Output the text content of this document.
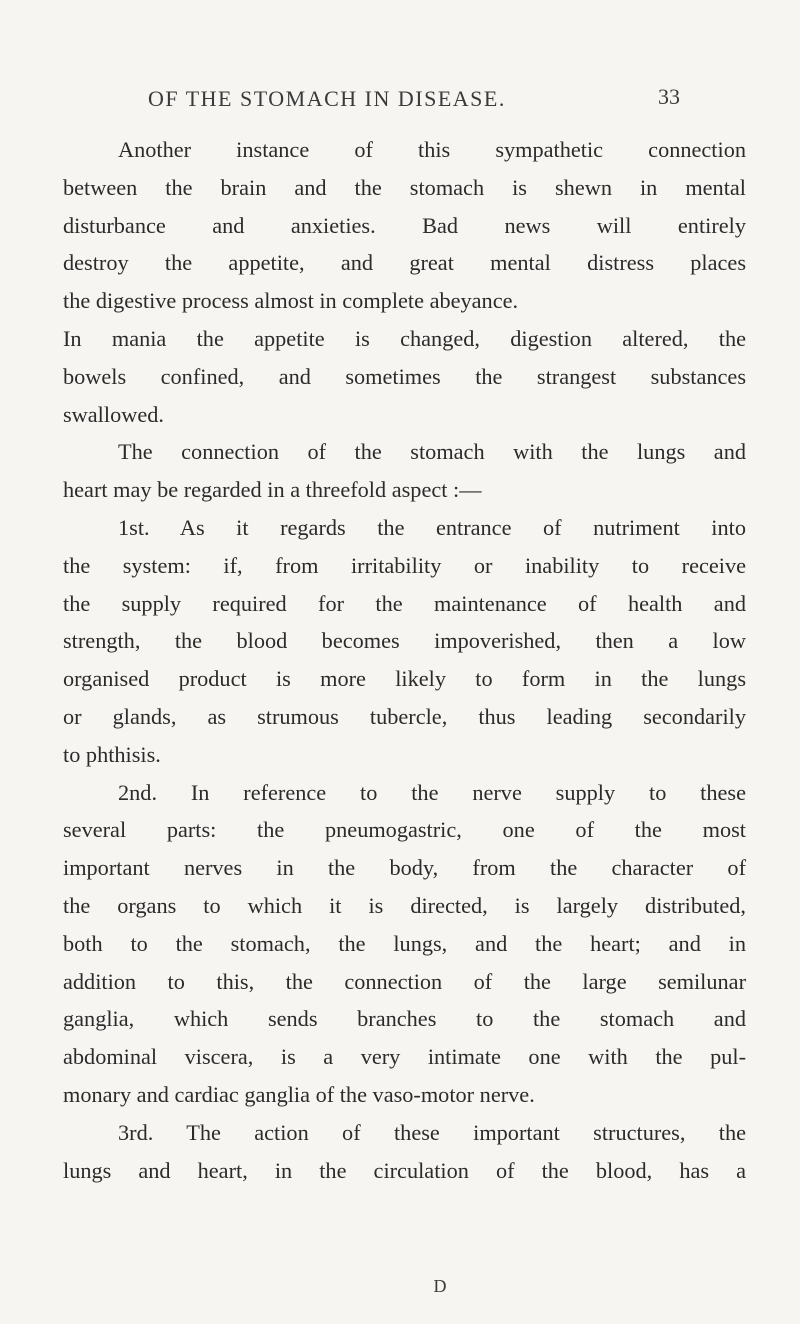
OF THE STOMACH IN DISEASE.	33
Another instance of this sympathetic connection
between the brain and the stomach is shewn in mental
disturbance and anxieties. Bad news will entirely
destroy the appetite, and great mental distress places
the digestive process almost in complete abeyance.
In mania the appetite is changed, digestion altered, the
bowels confined, and sometimes the strangest substances
swallowed.
The connection of the stomach with the lungs and
heart may be regarded in a threefold aspect :—
1st. As it regards the entrance of nutriment into
the system: if, from irritability or inability to receive
the supply required for the maintenance of health and
strength, the blood becomes impoverished, then a low
organised product is more likely to form in the lungs
or glands, as strumous tubercle, thus leading secondarily
to phthisis.
2nd. In reference to the nerve supply to these
several parts: the pneumogastric, one of the most
important nerves in the body, from the character of
the organs to which it is directed, is largely distributed,
both to the stomach, the lungs, and the heart; and in
addition to this, the connection of the large semilunar
ganglia, which sends branches to the stomach and
abdominal viscera, is a very intimate one with the pul-
monary and cardiac ganglia of the vaso-motor nerve.
3rd. The action of these important structures, the
lungs and heart, in the circulation of the blood, has a
D
